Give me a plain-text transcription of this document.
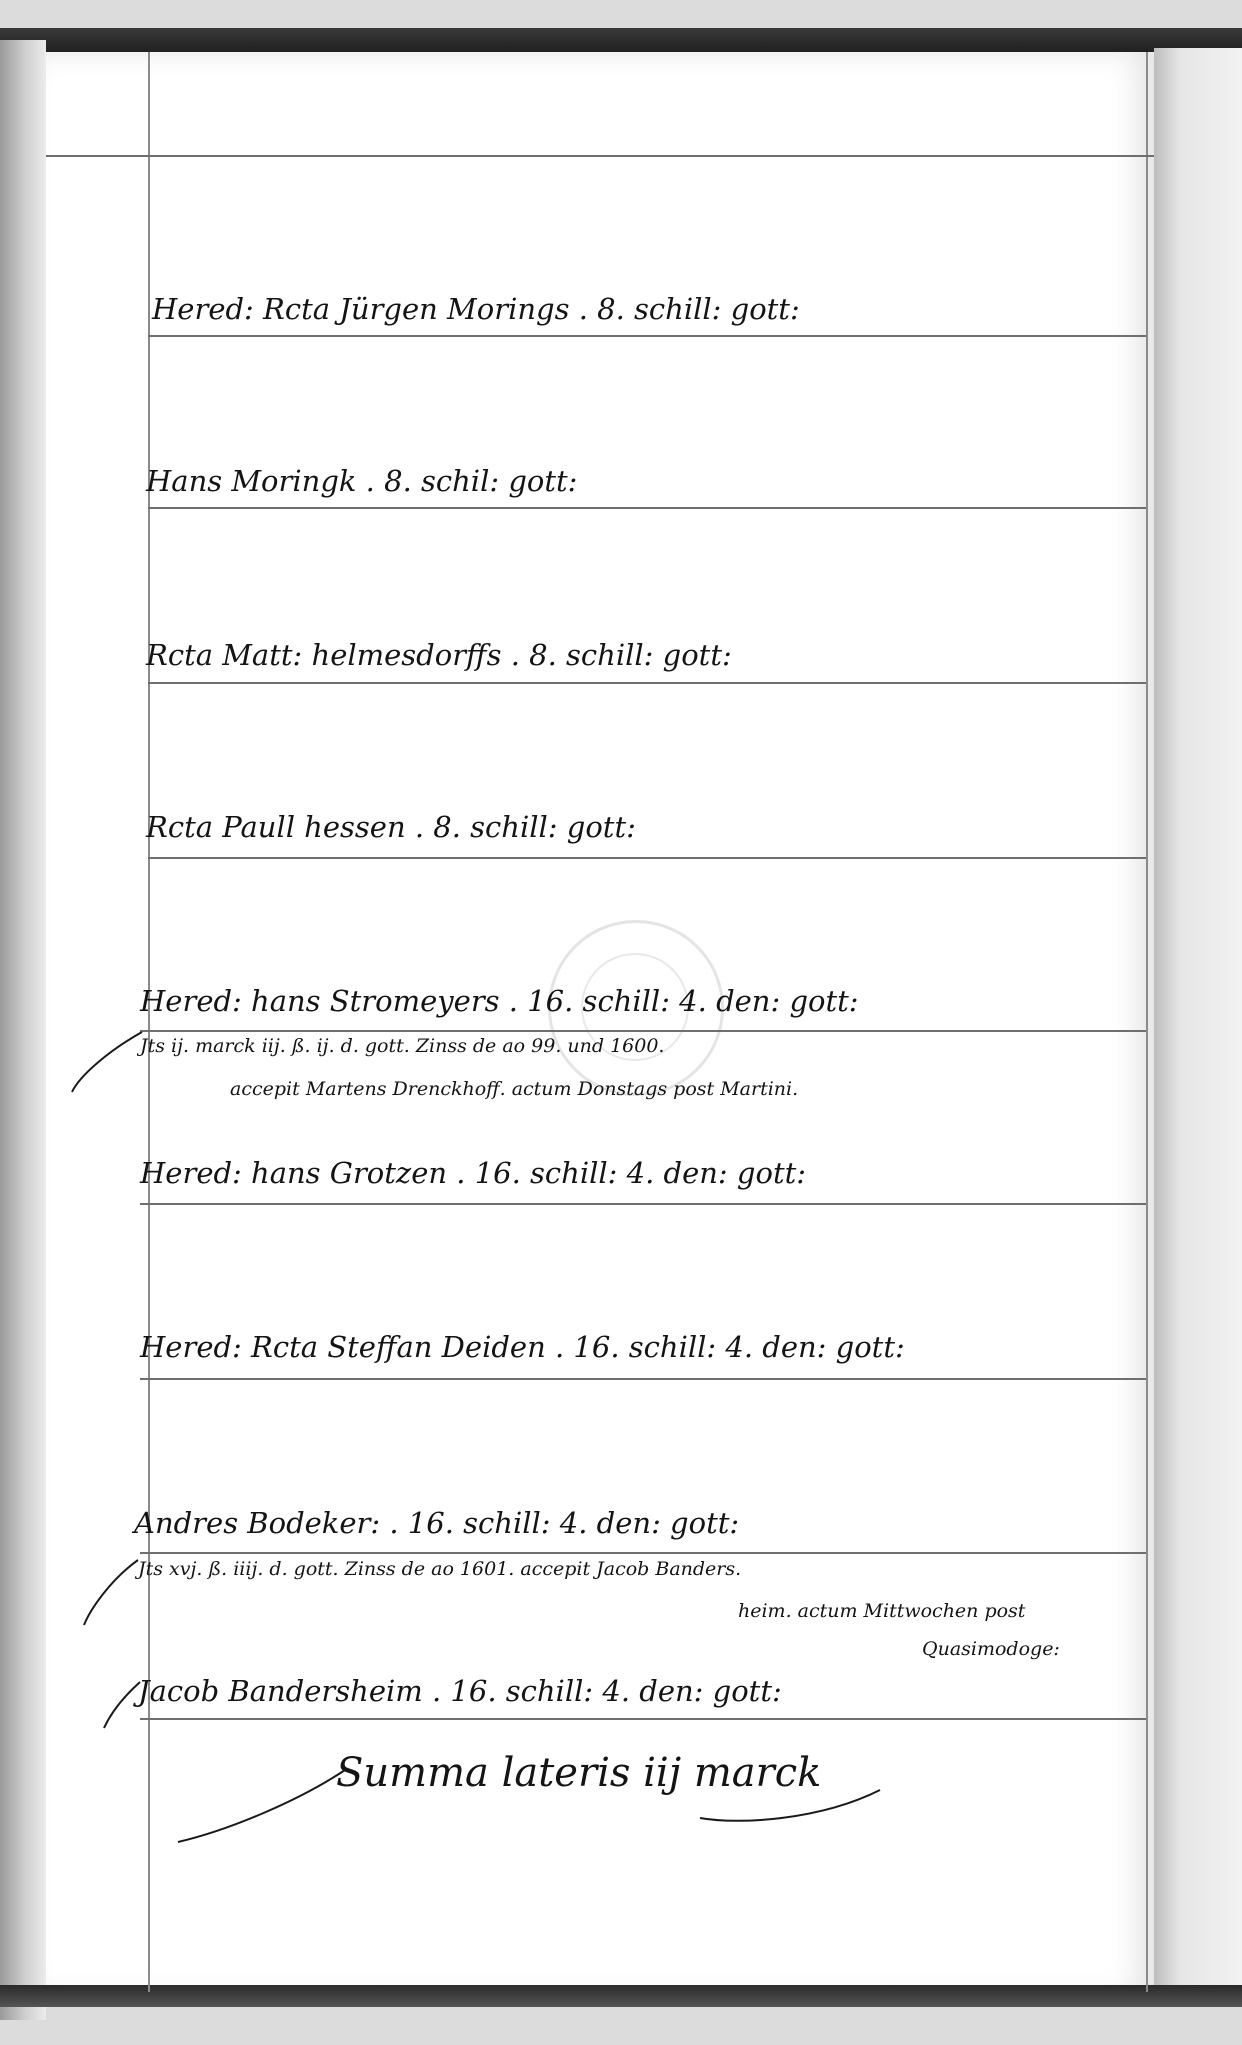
Hered: Rcta Jürgen Morings . 8. schill: gott:
Hans Moringk . 8. schil: gott:
Rcta Matt: helmesdorffs . 8. schill: gott:
Rcta Paull hessen . 8. schill: gott:
Hered: hans Stromeyers . 16. schill: 4. den: gott:
Jts ij. marck iij. ß. ij. d. gott. Zinss de ao 99. und 1600.
accepit Martens Drenckhoff. actum Donstags post Martini.
Hered: hans Grotzen . 16. schill: 4. den: gott:
Hered: Rcta Steffan Deiden . 16. schill: 4. den: gott:
Andres Bodeker: . 16. schill: 4. den: gott:
Jts xvj. ß. iiij. d. gott. Zinss de ao 1601. accepit Jacob Banders.
heim. actum Mittwochen post
Quasimodoge:
Jacob Bandersheim . 16. schill: 4. den: gott:
Summa lateris iij marck
